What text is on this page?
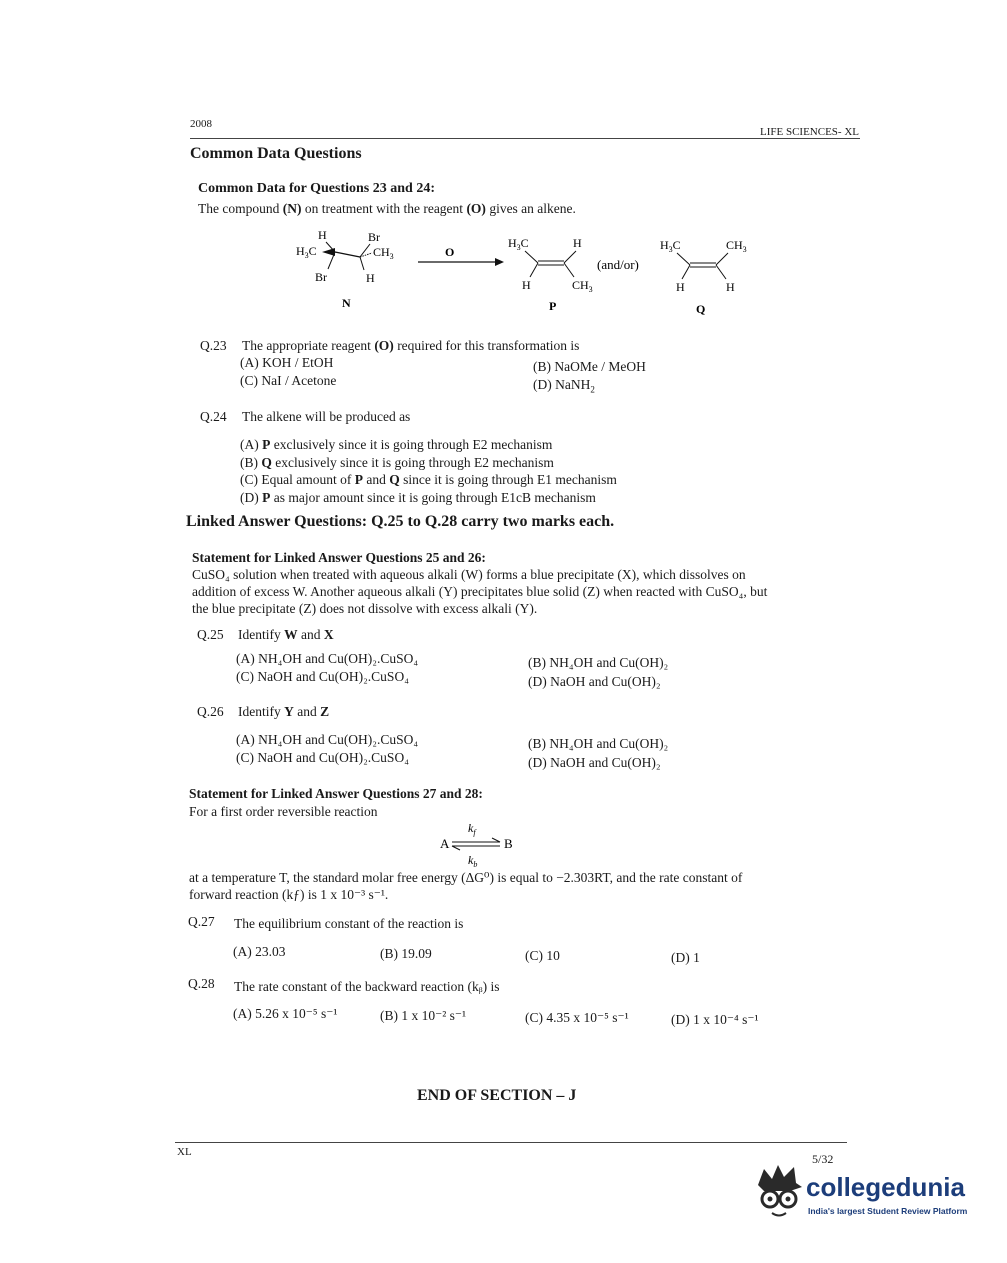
2008
LIFE SCIENCES- XL
Common Data Questions
Common Data for Questions 23 and 24:
The compound (N) on treatment with the reagent (O) gives an alkene.
H	Br
$H_3C$	$CH_3$
Br	H
N
O
$H_3C$	H
H	$CH_3$
P
(and/or)
$H_3C$	$CH_3$
H	H
Q
Q.23 The appropriate reagent (O) required for this transformation is
(A) KOH / EtOH	(B) NaOMe / MeOH
(C) NaI / Acetone	(D) NaNH$_2$
Q.24 The alkene will be produced as
(A) P exclusively since it is going through E2 mechanism
(B) Q exclusively since it is going through E2 mechanism
(C) Equal amount of P and Q since it is going through E1 mechanism
(D) P as major amount since it is going through E1cB mechanism
Linked Answer Questions: Q.25 to Q.28 carry two marks each.
Statement for Linked Answer Questions 25 and 26:
CuSO₄ solution when treated with aqueous alkali (W) forms a blue precipitate (X), which dissolves on
addition of excess W. Another aqueous alkali (Y) precipitates blue solid (Z) when reacted with CuSO₄, but
the blue precipitate (Z) does not dissolve with excess alkali (Y).
Q.25 Identify W and X
(A) NH₄OH and Cu(OH)₂.CuSO₄	(B) NH₄OH and Cu(OH)₂
(C) NaOH and Cu(OH)₂.CuSO₄	(D) NaOH and Cu(OH)₂
Q.26 Identify Y and Z
(A) NH₄OH and Cu(OH)₂.CuSO₄	(B) NH₄OH and Cu(OH)₂
(C) NaOH and Cu(OH)₂.CuSO₄	(D) NaOH and Cu(OH)₂
Statement for Linked Answer Questions 27 and 28:
For a first order reversible reaction
A	B
$k_f$
$k_b$
at a temperature T, the standard molar free energy (ΔG⁰) is equal to −2.303RT, and the rate constant of
forward reaction (kƒ) is 1 x 10⁻³ s⁻¹.
Q.27 The equilibrium constant of the reaction is
(A) 23.03	(B) 19.09	(C) 10	(D) 1
Q.28 The rate constant of the backward reaction (kᵦ) is
(A) 5.26 x 10⁻⁵ s⁻¹	(B) 1 x 10⁻² s⁻¹	(C) 4.35 x 10⁻⁵ s⁻¹	(D) 1 x 10⁻⁴ s⁻¹
END OF SECTION – J
XL	5/32
collegedunia
India's largest Student Review Platform
